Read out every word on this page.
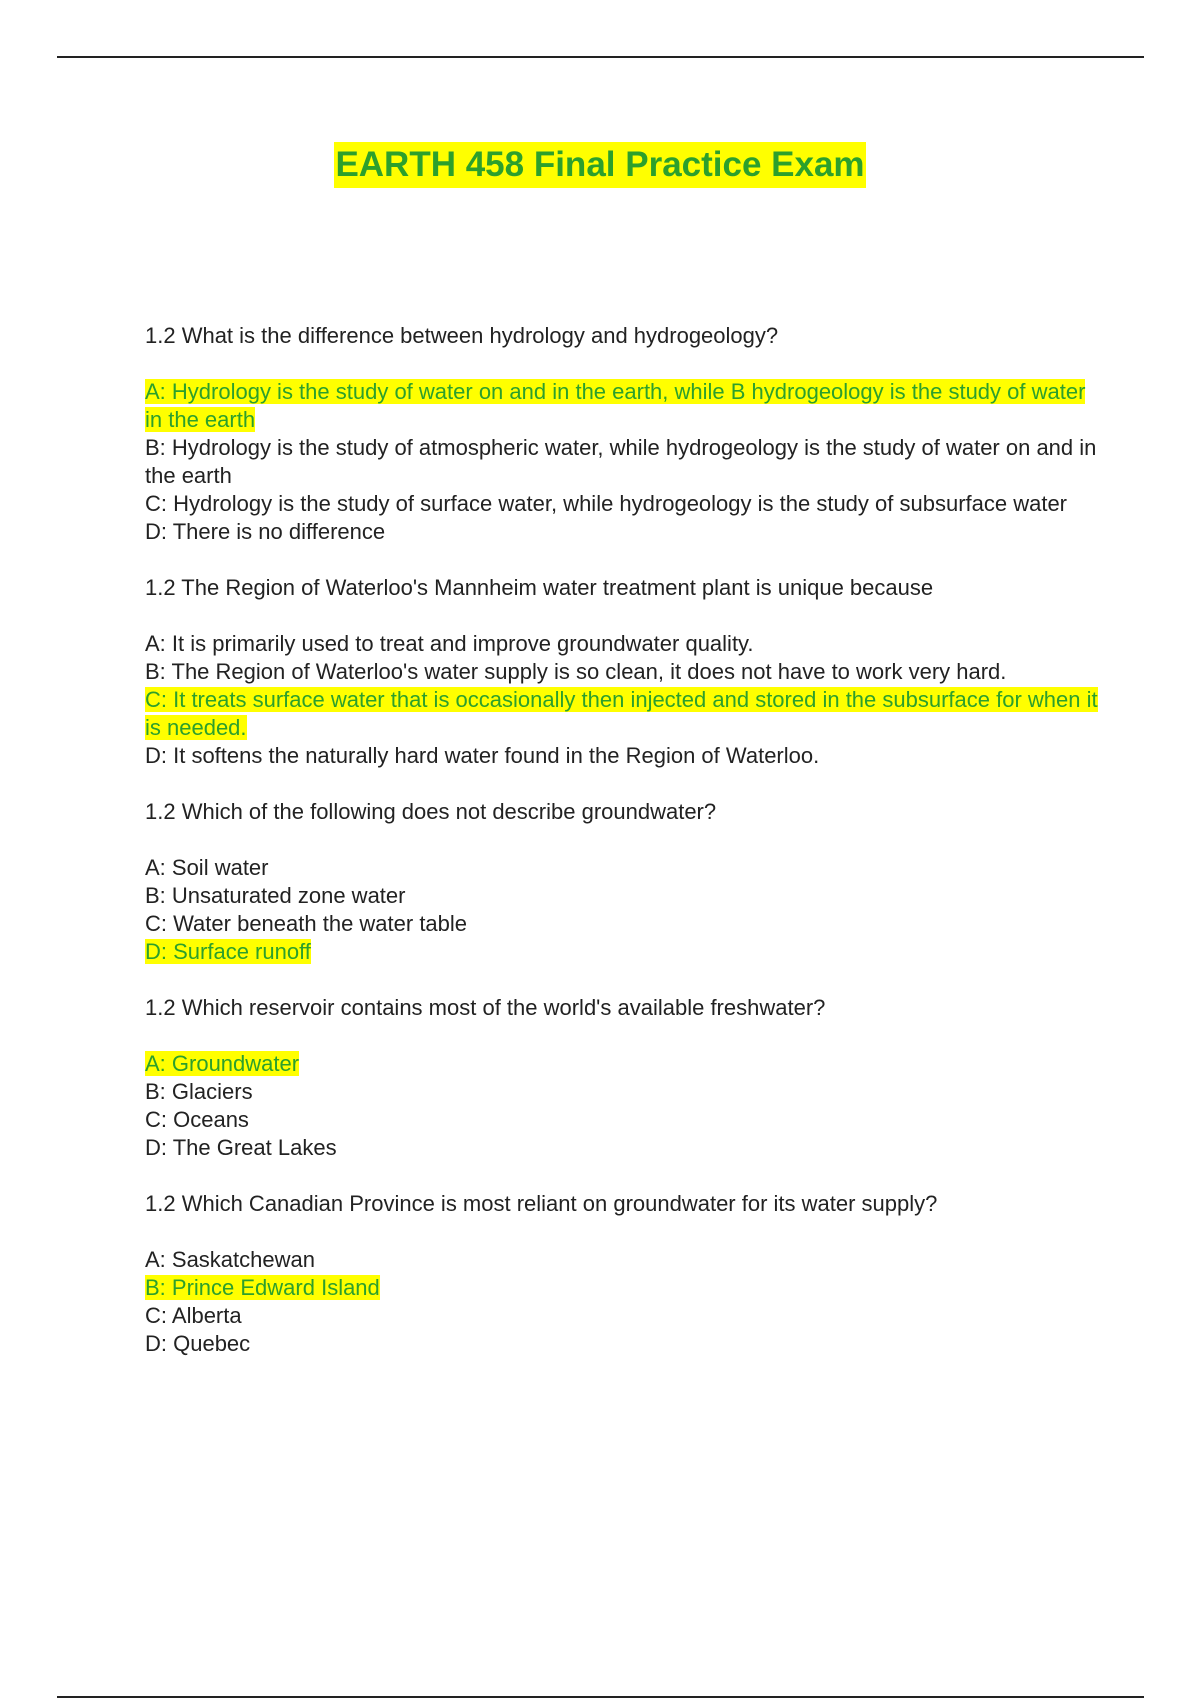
EARTH 458 Final Practice Exam

1.2 What is the difference between hydrology and hydrogeology?

A: Hydrology is the study of water on and in the earth, while B hydrogeology is the study of water in the earth

B: Hydrology is the study of atmospheric water, while hydrogeology is the study of water on and in the earth

C: Hydrology is the study of surface water, while hydrogeology is the study of subsurface water

D: There is no difference

1.2 The Region of Waterloo's Mannheim water treatment plant is unique because

A: It is primarily used to treat and improve groundwater quality.

B: The Region of Waterloo's water supply is so clean, it does not have to work very hard.

C: It treats surface water that is occasionally then injected and stored in the subsurface for when it is needed.

D: It softens the naturally hard water found in the Region of Waterloo.

1.2 Which of the following does not describe groundwater?

A: Soil water

B: Unsaturated zone water

C: Water beneath the water table

D: Surface runoff

1.2 Which reservoir contains most of the world's available freshwater?

A: Groundwater

B: Glaciers

C: Oceans

D: The Great Lakes

1.2 Which Canadian Province is most reliant on groundwater for its water supply?

A: Saskatchewan

B: Prince Edward Island

C: Alberta

D: Quebec
